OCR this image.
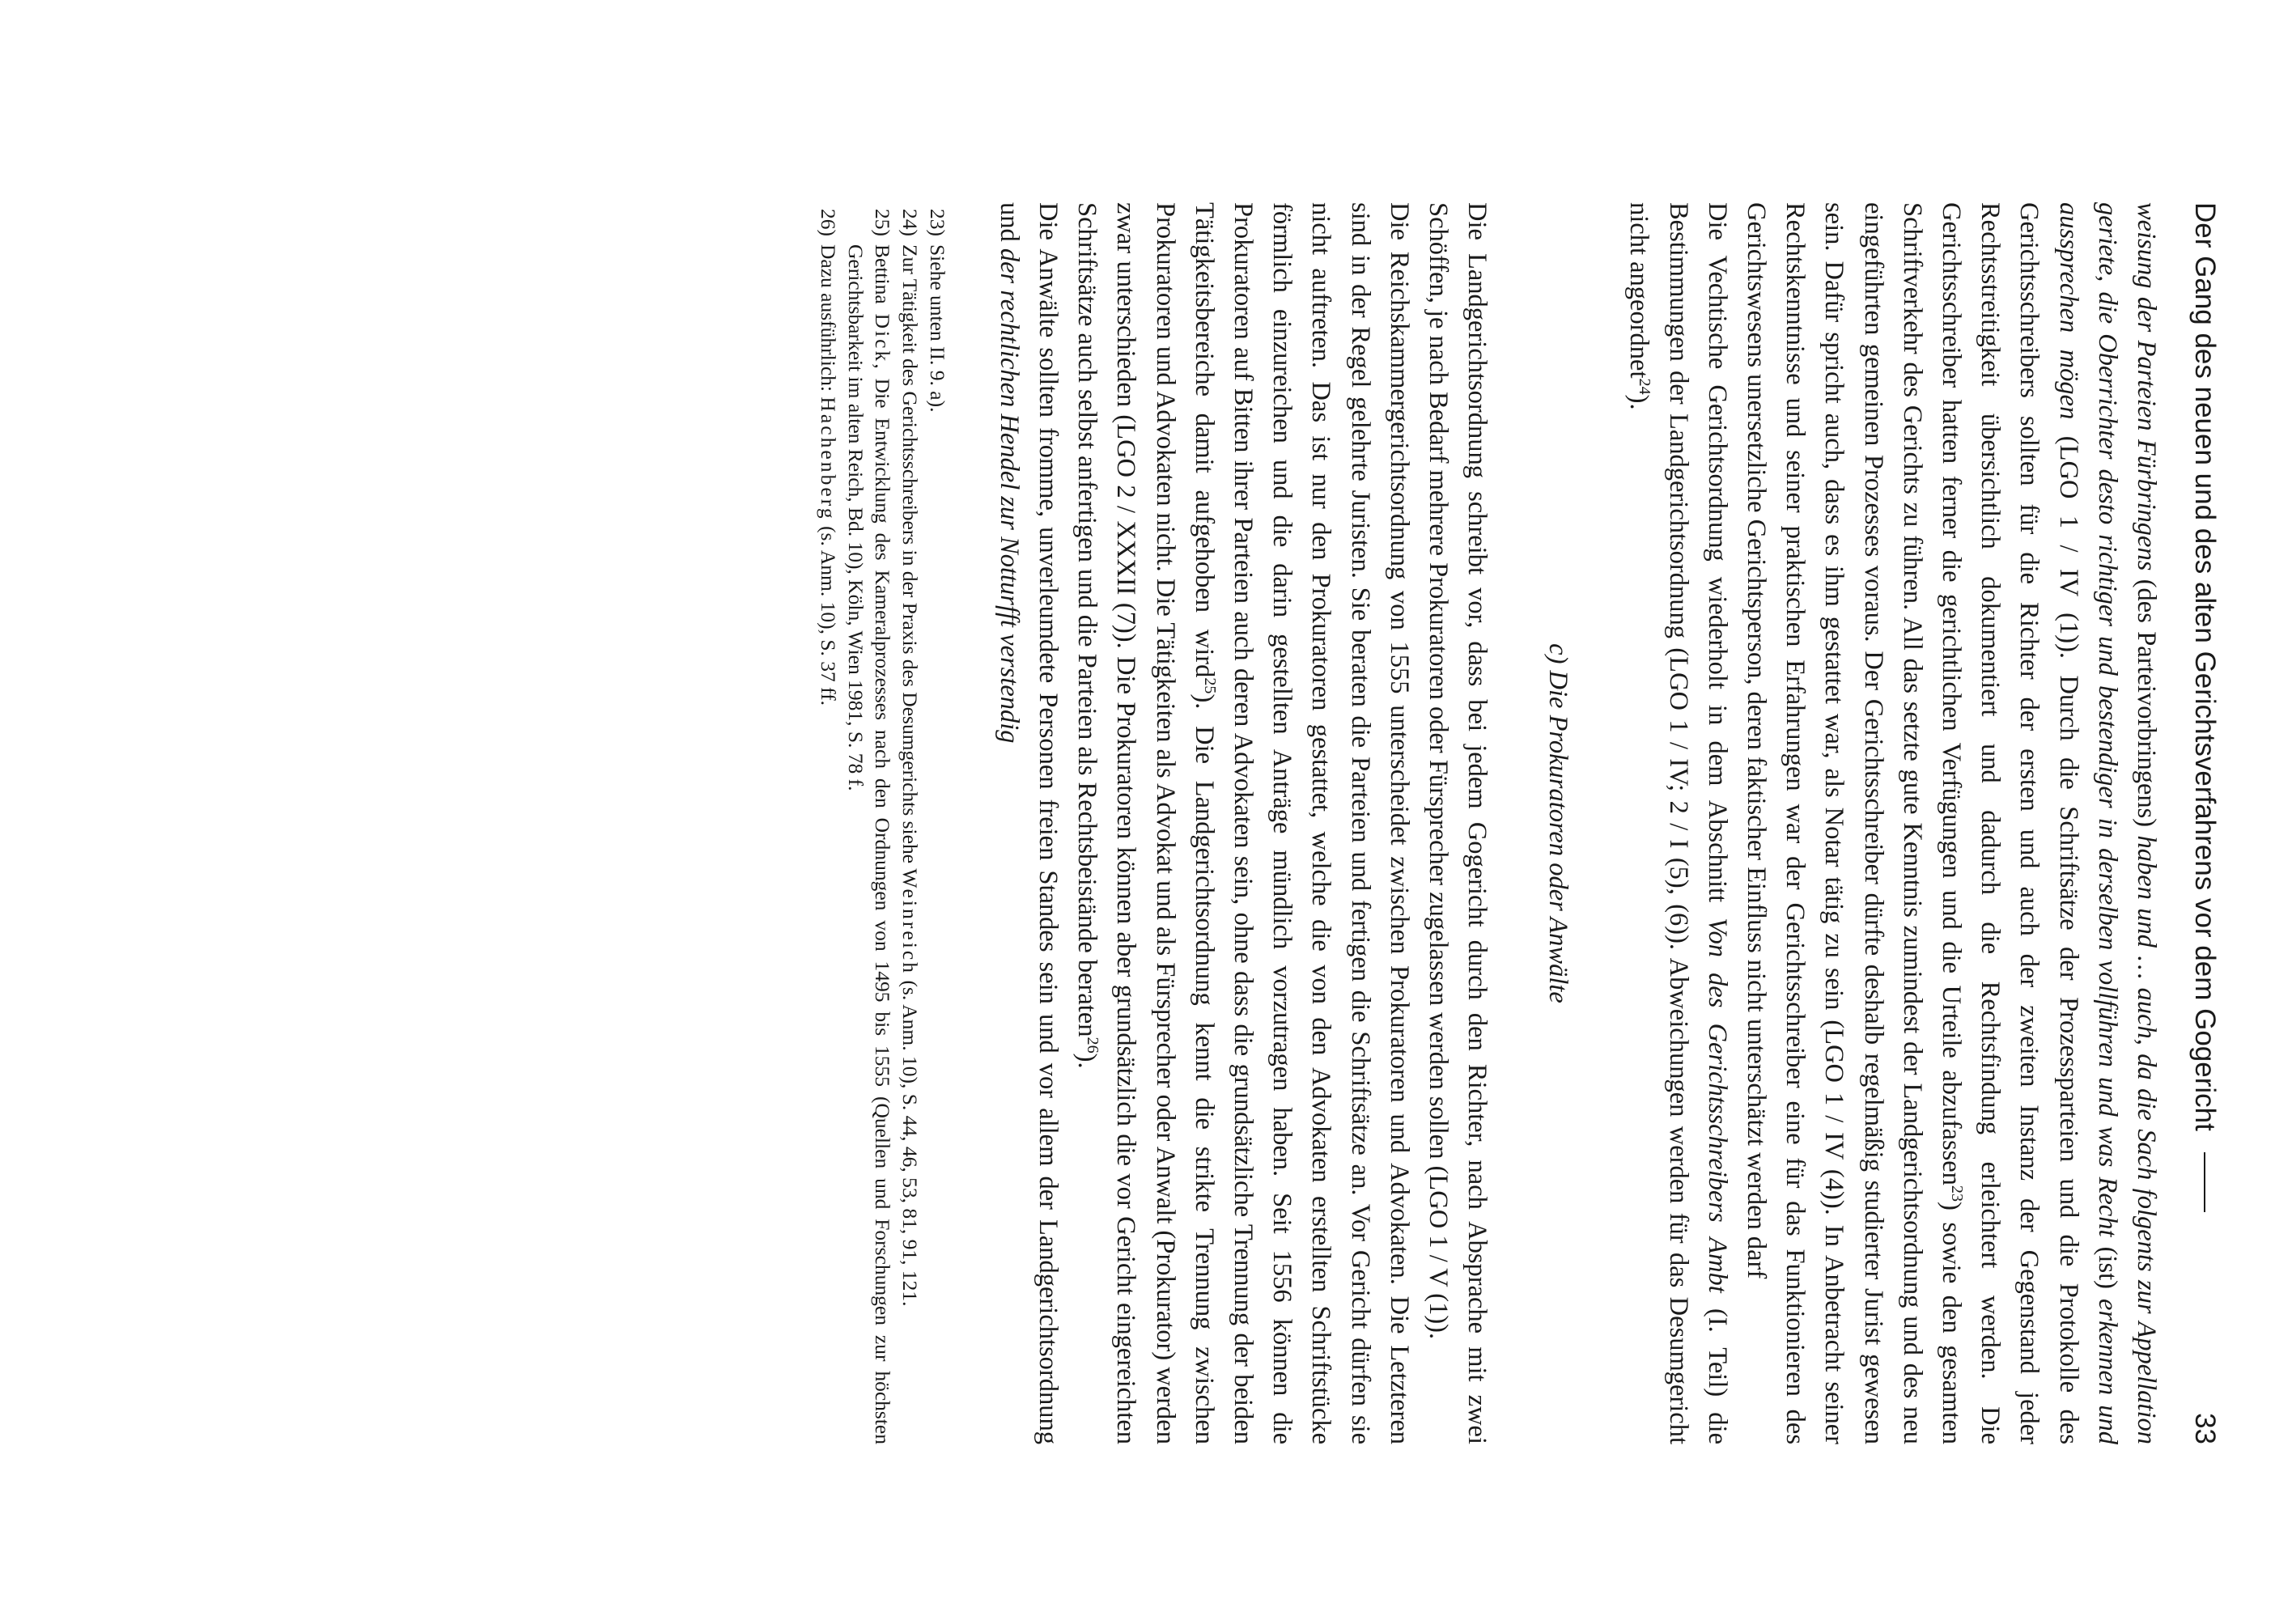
Der Gang des neuen und des alten Gerichtsverfahrens vor dem Gogericht
33

weisung der Parteien Fürbringens (des Parteivorbringens) haben und … auch, da die Sach folgents zur Appellation geriete, die Oberrichter desto richtiger und bestendiger in derselben vollführen und was Recht (ist) erkennen und aussprechen mögen (LGO 1 / IV (1)). Durch die Schriftsätze der Prozessparteien und die Protokolle des Gerichtsschreibers sollten für die Richter der ersten und auch der zweiten Instanz der Gegenstand jeder Rechtsstreitigkeit übersichtlich dokumentiert und dadurch die Rechtsfindung erleichtert werden. Die Gerichtsschreiber hatten ferner die gerichtlichen Verfügungen und die Urteile abzufassen$^{23}$) sowie den gesamten Schriftverkehr des Gerichts zu führen. All das setzte gute Kenntnis zumindest der Landgerichtsordnung und des neu eingeführten gemeinen Prozesses voraus. Der Gerichtsschreiber dürfte deshalb regelmäßig studierter Jurist gewesen sein. Dafür spricht auch, dass es ihm gestattet war, als Notar tätig zu sein (LGO 1 / IV (4)). In Anbetracht seiner Rechtskenntnisse und seiner praktischen Erfahrungen war der Gerichtsschreiber eine für das Funktionieren des Gerichtswesens unersetzliche Gerichtsperson, deren faktischer Einfluss nicht unterschätzt werden darf

Die Vechtische Gerichtsordnung wiederholt in dem Abschnitt Von des Gerichtsschreibers Ambt (I. Teil) die Bestimmungen der Landgerichtsordnung (LGO 1 / IV; 2 / I (5), (6)). Abweichungen werden für das Desumgericht nicht angeordnet$^{24}$).

c) Die Prokuratoren oder Anwälte

Die Landgerichtsordnung schreibt vor, dass bei jedem Gogericht durch den Richter, nach Absprache mit zwei Schöffen, je nach Bedarf mehrere Prokuratoren oder Fürsprecher zugelassen werden sollen (LGO 1 / V (1)).

Die Reichskammergerichtsordnung von 1555 unterscheidet zwischen Prokuratoren und Advokaten. Die Letzteren sind in der Regel gelehrte Juristen. Sie beraten die Parteien und fertigen die Schriftsätze an. Vor Gericht dürfen sie nicht auftreten. Das ist nur den Prokuratoren gestattet, welche die von den Advokaten erstellten Schriftstücke förmlich einzureichen und die darin gestellten Anträge mündlich vorzutragen haben. Seit 1556 können die Prokuratoren auf Bitten ihrer Parteien auch deren Advokaten sein, ohne dass die grundsätzliche Trennung der beiden Tätigkeitsbereiche damit aufgehoben wird$^{25}$). Die Landgerichtsordnung kennt die strikte Trennung zwischen Prokuratoren und Advokaten nicht. Die Tätigkeiten als Advokat und als Fürsprecher oder Anwalt (Prokurator) werden zwar unterschieden (LGO 2 / XXXII (7)). Die Prokuratoren können aber grundsätzlich die vor Gericht eingereichten Schriftsätze auch selbst anfertigen und die Parteien als Rechtsbeistände beraten$^{26}$).

Die Anwälte sollten fromme, unverleumdete Personen freien Standes sein und vor allem der Landgerichtsordnung und der rechtlichen Hendel zur Notturfft verstendig

23)
Siehe unten II. 9. a).
24)
Zur Tätigkeit des Gerichtsschreibers in der Praxis des Desumgerichts siehe Weinreich (s. Anm. 10), S. 44, 46, 53, 81, 91, 121.
25)
Bettina Dick, Die Entwicklung des Kameralprozesses nach den Ordnungen von 1495 bis 1555 (Quellen und Forschungen zur höchsten Gerichtsbarkeit im alten Reich, Bd. 10), Köln, Wien 1981, S. 78 f.
26)
Dazu ausführlich: Hachenberg (s. Anm. 10), S. 37 ff.
